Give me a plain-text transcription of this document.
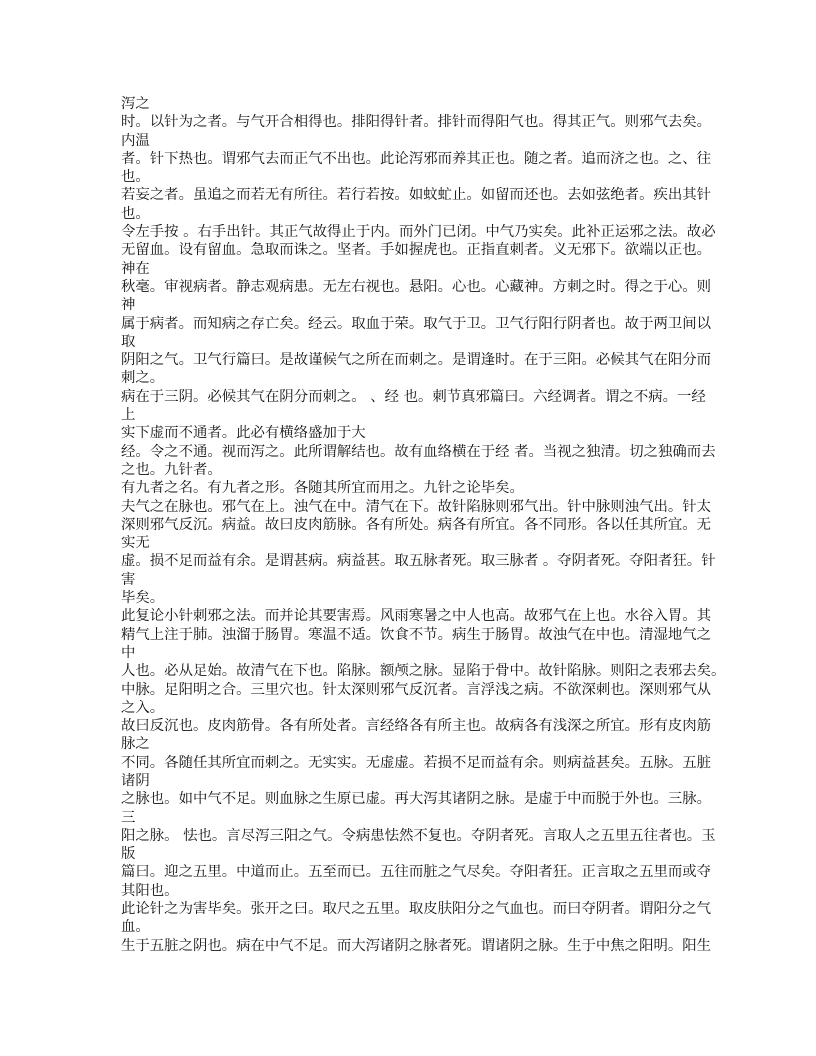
泻之
时。以针为之者。与气开合相得也。排阳得针者。排针而得阳气也。得其正气。则邪气去矣。
内温
者。针下热也。谓邪气去而正气不出也。此论泻邪而养其正也。随之者。追而济之也。之、往
也。
若妄之者。虽追之而若无有所往。若行若按。如蚊虻止。如留而还也。去如弦绝者。疾出其针
也。
令左手按 。右手出针。其正气故得止于内。而外门已闭。中气乃实矣。此补正运邪之法。故必
无留血。设有留血。急取而诛之。坚者。手如握虎也。正指直刺者。义无邪下。欲端以正也。
神在
秋毫。审视病者。静志观病患。无左右视也。悬阳。心也。心藏神。方刺之时。得之于心。则
神
属于病者。而知病之存亡矣。经云。取血于荣。取气于卫。卫气行阳行阴者也。故于两卫间以
取
阴阳之气。卫气行篇曰。是故谨候气之所在而刺之。是谓逢时。在于三阳。必候其气在阳分而
刺之。
病在于三阴。必候其气在阴分而刺之。 、经 也。刺节真邪篇曰。六经调者。谓之不病。一经
上
实下虚而不通者。此必有横络盛加于大
经。令之不通。视而泻之。此所谓解结也。故有血络横在于经 者。当视之独清。切之独确而去
之也。九针者。
有九者之名。有九者之形。各随其所宜而用之。九针之论毕矣。
夫气之在脉也。邪气在上。浊气在中。清气在下。故针陷脉则邪气出。针中脉则浊气出。针太
深则邪气反沉。病益。故曰皮肉筋脉。各有所处。病各有所宜。各不同形。各以任其所宜。无
实无
虚。损不足而益有余。是谓甚病。病益甚。取五脉者死。取三脉者 。夺阴者死。夺阳者狂。针
害
毕矣。
此复论小针刺邪之法。而并论其要害焉。风雨寒暑之中人也高。故邪气在上也。水谷入胃。其
精气上注于肺。浊溜于肠胃。寒温不适。饮食不节。病生于肠胃。故浊气在中也。清湿地气之
中
人也。必从足始。故清气在下也。陷脉。额颅之脉。显陷于骨中。故针陷脉。则阳之表邪去矣。
中脉。足阳明之合。三里穴也。针太深则邪气反沉者。言浮浅之病。不欲深刺也。深则邪气从
之入。
故曰反沉也。皮肉筋骨。各有所处者。言经络各有所主也。故病各有浅深之所宜。形有皮肉筋
脉之
不同。各随任其所宜而刺之。无实实。无虚虚。若损不足而益有余。则病益甚矣。五脉。五脏
诸阴
之脉也。如中气不足。则血脉之生原已虚。再大泻其诸阴之脉。是虚于中而脱于外也。三脉。
三
阳之脉。 怯也。言尽泻三阳之气。令病患怯然不复也。夺阴者死。言取人之五里五往者也。玉
版
篇曰。迎之五里。中道而止。五至而已。五往而脏之气尽矣。夺阳者狂。正言取之五里而或夺
其阳也。
此论针之为害毕矣。张开之曰。取尺之五里。取皮肤阳分之气血也。而曰夺阴者。谓阳分之气
血。
生于五脏之阴也。病在中气不足。而大泻诸阴之脉者死。谓诸阴之脉。生于中焦之阳明。阳生
